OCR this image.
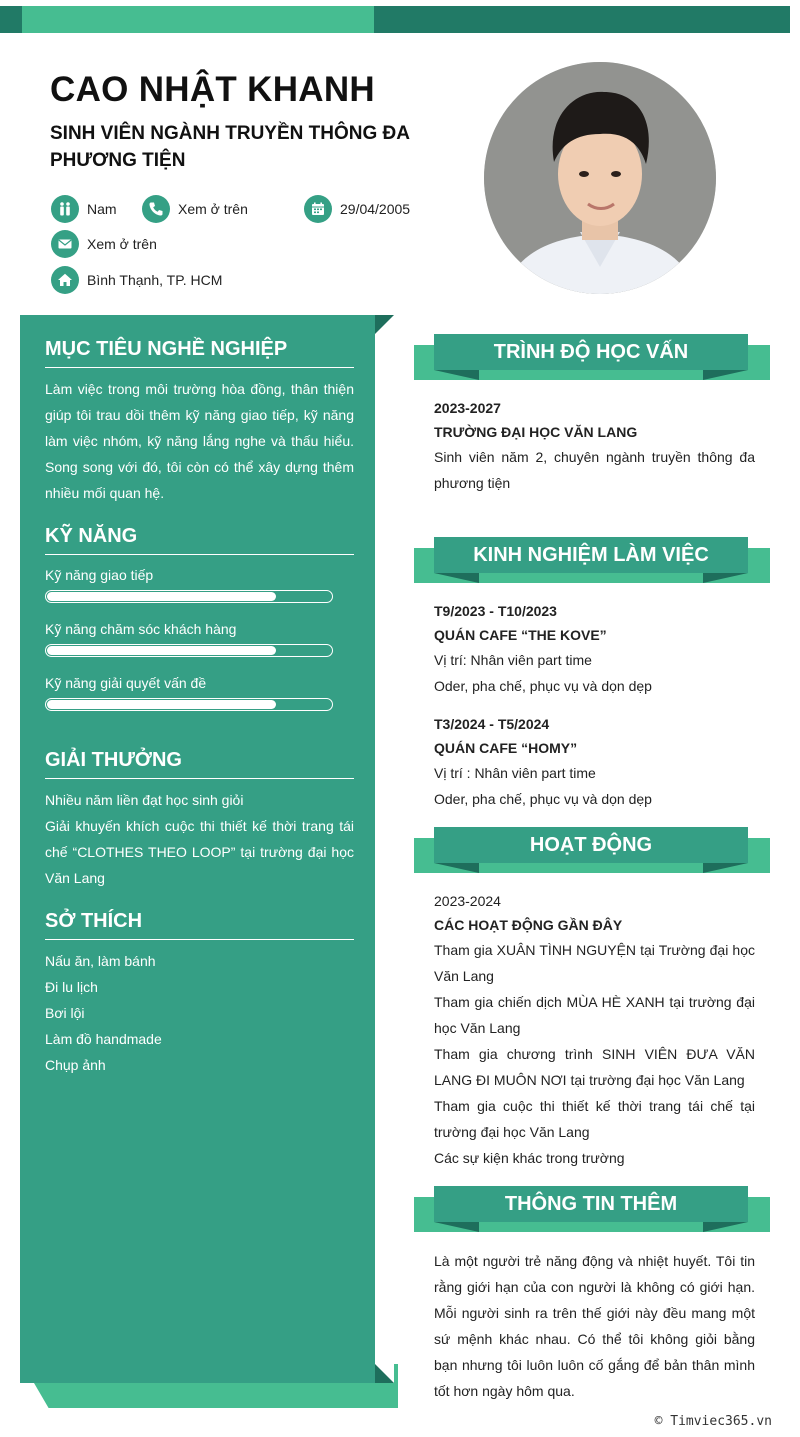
CAO NHẬT KHANH
SINH VIÊN NGÀNH TRUYỀN THÔNG ĐA PHƯƠNG TIỆN
Nam	Xem ở trên	29/04/2005
Xem ở trên
Bình Thạnh, TP. HCM
MỤC TIÊU NGHỀ NGHIỆP

Làm việc trong môi trường hòa đồng, thân thiện giúp tôi trau dồi thêm kỹ năng giao tiếp, kỹ năng làm việc nhóm, kỹ năng lắng nghe và thấu hiểu. Song song với đó, tôi còn có thể xây dựng thêm nhiều mối quan hệ.

KỸ NĂNG
Kỹ năng giao tiếp
Kỹ năng chăm sóc khách hàng
Kỹ năng giải quyết vấn đề
GIẢI THƯỞNG

Nhiều năm liền đạt học sinh giỏi

Giải khuyến khích cuộc thi thiết kế thời trang tái chế “CLOTHES THEO LOOP” tại trường đại học Văn Lang

SỞ THÍCH
Nấu ăn, làm bánh
Đi lu lịch
Bơi lội
Làm đồ handmade
Chụp ảnh
TRÌNH ĐỘ HỌC VẤN
2023-2027
TRƯỜNG ĐẠI HỌC VĂN LANG
Sinh viên năm 2, chuyên ngành truyền thông đa phương tiện
KINH NGHIỆM LÀM VIỆC
T9/2023 - T10/2023
QUÁN CAFE “THE KOVE”
Vị trí: Nhân viên part time
Oder, pha chế, phục vụ và dọn dẹp
T3/2024 - T5/2024
QUÁN CAFE “HOMY”
Vị trí : Nhân viên part time
Oder, pha chế, phục vụ và dọn dẹp
HOẠT ĐỘNG
2023-2024
CÁC HOẠT ĐỘNG GẦN ĐÂY
Tham gia XUÂN TÌNH NGUYỆN tại Trường đại học Văn Lang
Tham gia chiến dịch MÙA HÈ XANH tại trường đại học Văn Lang
Tham gia chương trình SINH VIÊN ĐƯA VĂN LANG ĐI MUÔN NƠI tại trường đại học Văn Lang
Tham gia cuộc thi thiết kế thời trang tái chế tại trường đại học Văn Lang
Các sự kiện khác trong trường
THÔNG TIN THÊM
Là một người trẻ năng động và nhiệt huyết. Tôi tin rằng giới hạn của con người là không có giới hạn. Mỗi người sinh ra trên thế giới này đều mang một sứ mệnh khác nhau. Có thể tôi không giỏi bằng bạn nhưng tôi luôn luôn cố gắng để bản thân mình tốt hơn ngày hôm qua.
© Timviec365.vn
